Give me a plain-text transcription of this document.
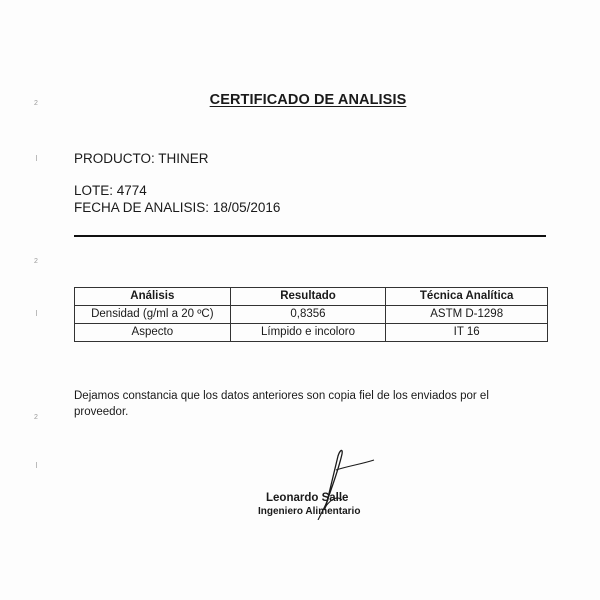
2
2
2
CERTIFICADO DE ANALISIS
PRODUCTO: THINER
LOTE: 4774
FECHA DE ANALISIS: 18/05/2016
Análisis	Resultado	Técnica Analítica
Densidad (g/ml a 20 ºC)	0,8356	ASTM D-1298
Aspecto	Límpido e incoloro	IT 16
Dejamos constancia que los datos anteriores son copia fiel de los enviados por el proveedor.
Leonardo Salle
Ingeniero Alimentario
